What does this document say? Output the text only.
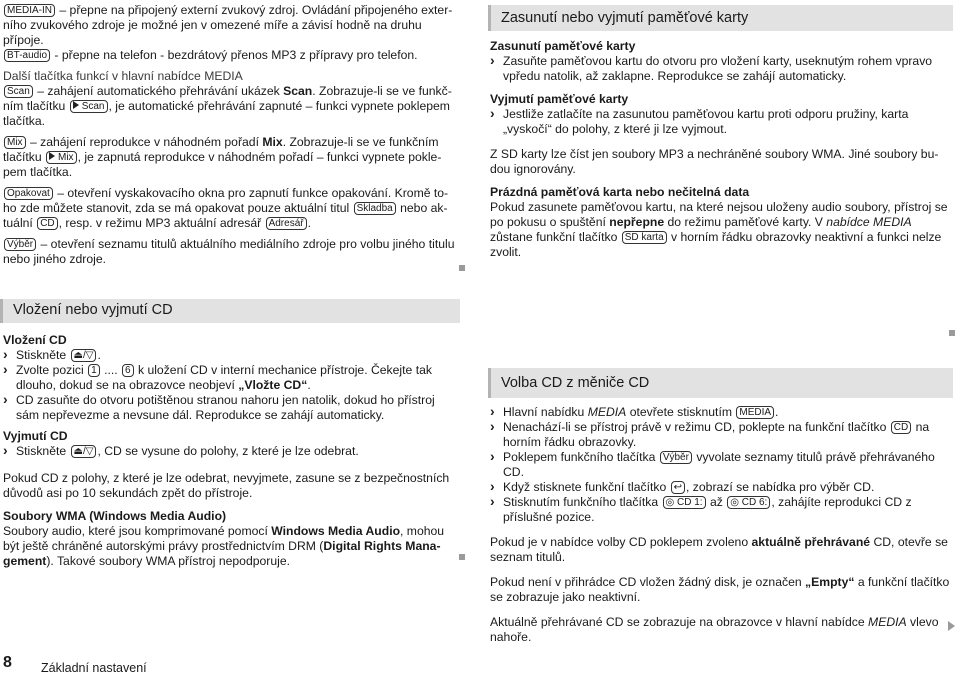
MEDIA-IN – přepne na připojený externí zvukový zdroj. Ovládání připojeného externího zvukového zdroje je možné jen v omezené míře a závisí hodně na druhu přípoje.

BT-audio - přepne na telefon - bezdrátový přenos MP3 z přípravy pro telefon.

Další tlačítka funkcí v hlavní nabídce MEDIA

Scan – zahájení automatického přehrávání ukázek Scan. Zobrazuje-li se ve funkčním tlačítku Scan , je automatické přehrávání zapnuté – funkci vypnete poklepem tlačítka.

Mix – zahájení reprodukce v náhodném pořadí Mix. Zobrazuje-li se ve funkčním tlačítku Mix , je zapnutá reprodukce v náhodném pořadí – funkci vypnete poklepem tlačítka.

Opakovat – otevření vyskakovacího okna pro zapnutí funkce opakování. Kromě toho zde můžete stanovit, zda se má opakovat pouze aktuální titul Skladba nebo aktuální CD , resp. v režimu MP3 aktuální adresář Adresář .

Výběr – otevření seznamu titulů aktuálního mediálního zdroje pro volbu jiného titulu nebo jiného zdroje.

Vložení nebo vyjmutí CD
Vložení CD
› Stiskněte ⏏/▽ .
› Zvolte pozici 1 .... 6 k uložení CD v interní mechanice přístroje. Čekejte tak dlouho, dokud se na obrazovce neobjeví „Vložte CD“.
› CD zasuňte do otvoru potištěnou stranou nahoru jen natolik, dokud ho přístroj sám nepřevezme a nevsune dál. Reprodukce se zahájí automaticky.
Vyjmutí CD
› Stiskněte ⏏/▽ , CD se vysune do polohy, z které je lze odebrat.

Pokud CD z polohy, z které je lze odebrat, nevyjmete, zasune se z bezpečnostních důvodů asi po 10 sekundách zpět do přístroje.

Soubory WMA (Windows Media Audio)

Soubory audio, které jsou komprimované pomocí Windows Media Audio, mohou být ještě chráněné autorskými právy prostřednictvím DRM (Digital Rights Management). Takové soubory WMA přístroj nepodporuje.

Zasunutí nebo vyjmutí paměťové karty
Zasunutí paměťové karty
› Zasuňte paměťovou kartu do otvoru pro vložení karty, useknutým rohem vpravo vpředu natolik, až zaklapne. Reprodukce se zahájí automaticky.
Vyjmutí paměťové karty
› Jestliže zatlačíte na zasunutou paměťovou kartu proti odporu pružiny, karta „vyskočí“ do polohy, z které ji lze vyjmout.

Z SD karty lze číst jen soubory MP3 a nechráněné soubory WMA. Jiné soubory budou ignorovány.

Prázdná paměťová karta nebo nečitelná data

Pokud zasunete paměťovou kartu, na které nejsou uloženy audio soubory, přístroj se po pokusu o spuštění nepřepne do režimu paměťové karty. V nabídce MEDIA zůstane funkční tlačítko SD karta v horním řádku obrazovky neaktivní a funkci nelze zvolit.

Volba CD z měniče CD
› Hlavní nabídku MEDIA otevřete stisknutím MEDIA .
› Nenachází-li se přístroj právě v režimu CD, poklepte na funkční tlačítko CD na horním řádku obrazovky.
› Poklepem funkčního tlačítka Výběr vyvolate seznamy titulů právě přehrávaného CD.
› Když stisknete funkční tlačítko ↩ , zobrazí se nabídka pro výběr CD.
› Stisknutím funkčního tlačítka ◎ CD 1: až ◎ CD 6: , zahájíte reprodukci CD z příslušné pozice.

Pokud je v nabídce volby CD poklepem zvoleno aktuálně přehrávané CD, otevře se seznam titulů.

Pokud není v přihrádce CD vložen žádný disk, je označen „Empty“ a funkční tlačítko se zobrazuje jako neaktivní.

Aktuálně přehrávané CD se zobrazuje na obrazovce v hlavní nabídce MEDIA vlevo nahoře.

8 Základní nastavení
